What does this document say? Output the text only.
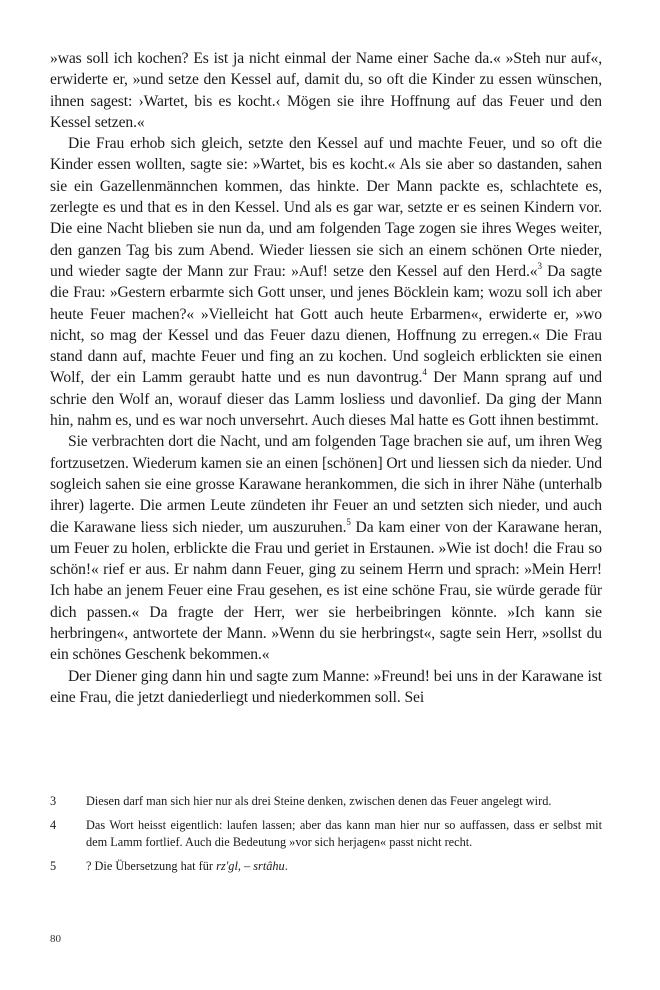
»was soll ich kochen? Es ist ja nicht einmal der Name einer Sache da.« »Steh nur auf«, erwiderte er, »und setze den Kessel auf, damit du, so oft die Kinder zu essen wünschen, ihnen sagest: ›Wartet, bis es kocht.‹ Mögen sie ihre Hoffnung auf das Feuer und den Kessel setzen.«

Die Frau erhob sich gleich, setzte den Kessel auf und machte Feuer, und so oft die Kinder essen wollten, sagte sie: »Wartet, bis es kocht.« Als sie aber so dastanden, sahen sie ein Gazellenmännchen kommen, das hinkte. Der Mann packte es, schlachtete es, zerlegte es und that es in den Kessel. Und als es gar war, setzte er es seinen Kindern vor. Die eine Nacht blieben sie nun da, und am folgenden Tage zogen sie ihres Weges weiter, den ganzen Tag bis zum Abend. Wieder liessen sie sich an einem schönen Orte nieder, und wieder sagte der Mann zur Frau: »Auf! setze den Kessel auf den Herd.«$^3$ Da sagte die Frau: »Gestern erbarmte sich Gott unser, und jenes Böcklein kam; wozu soll ich aber heute Feuer machen?« »Vielleicht hat Gott auch heute Erbarmen«, erwiderte er, »wo nicht, so mag der Kessel und das Feuer dazu dienen, Hoffnung zu erregen.« Die Frau stand dann auf, machte Feuer und fing an zu kochen. Und sogleich erblickten sie einen Wolf, der ein Lamm geraubt hatte und es nun davontrug.$^4$ Der Mann sprang auf und schrie den Wolf an, worauf dieser das Lamm losliess und davonlief. Da ging der Mann hin, nahm es, und es war noch unversehrt. Auch dieses Mal hatte es Gott ihnen bestimmt.

Sie verbrachten dort die Nacht, und am folgenden Tage brachen sie auf, um ihren Weg fortzusetzen. Wiederum kamen sie an einen [schönen] Ort und liessen sich da nieder. Und sogleich sahen sie eine grosse Karawane herankommen, die sich in ihrer Nähe (unterhalb ihrer) lagerte. Die armen Leute zündeten ihr Feuer an und setzten sich nieder, und auch die Karawane liess sich nieder, um auszuruhen.$^5$ Da kam einer von der Karawane heran, um Feuer zu holen, erblickte die Frau und geriet in Erstaunen. »Wie ist doch! die Frau so schön!« rief er aus. Er nahm dann Feuer, ging zu seinem Herrn und sprach: »Mein Herr! Ich habe an jenem Feuer eine Frau gesehen, es ist eine schöne Frau, sie würde gerade für dich passen.« Da fragte der Herr, wer sie herbeibringen könnte. »Ich kann sie herbringen«, antwortete der Mann. »Wenn du sie herbringst«, sagte sein Herr, »sollst du ein schönes Geschenk bekommen.«

Der Diener ging dann hin und sagte zum Manne: »Freund! bei uns in der Karawane ist eine Frau, die jetzt daniederliegt und niederkommen soll. Sei

3	Diesen darf man sich hier nur als drei Steine denken, zwischen denen das Feuer angelegt wird.
4	Das Wort heisst eigentlich: laufen lassen; aber das kann man hier nur so auffassen, dass er selbst mit dem Lamm fortlief. Auch die Bedeutung »vor sich herjagen« passt nicht recht.
5	? Die Übersetzung hat für rz'gl, – srtâhu.
80
